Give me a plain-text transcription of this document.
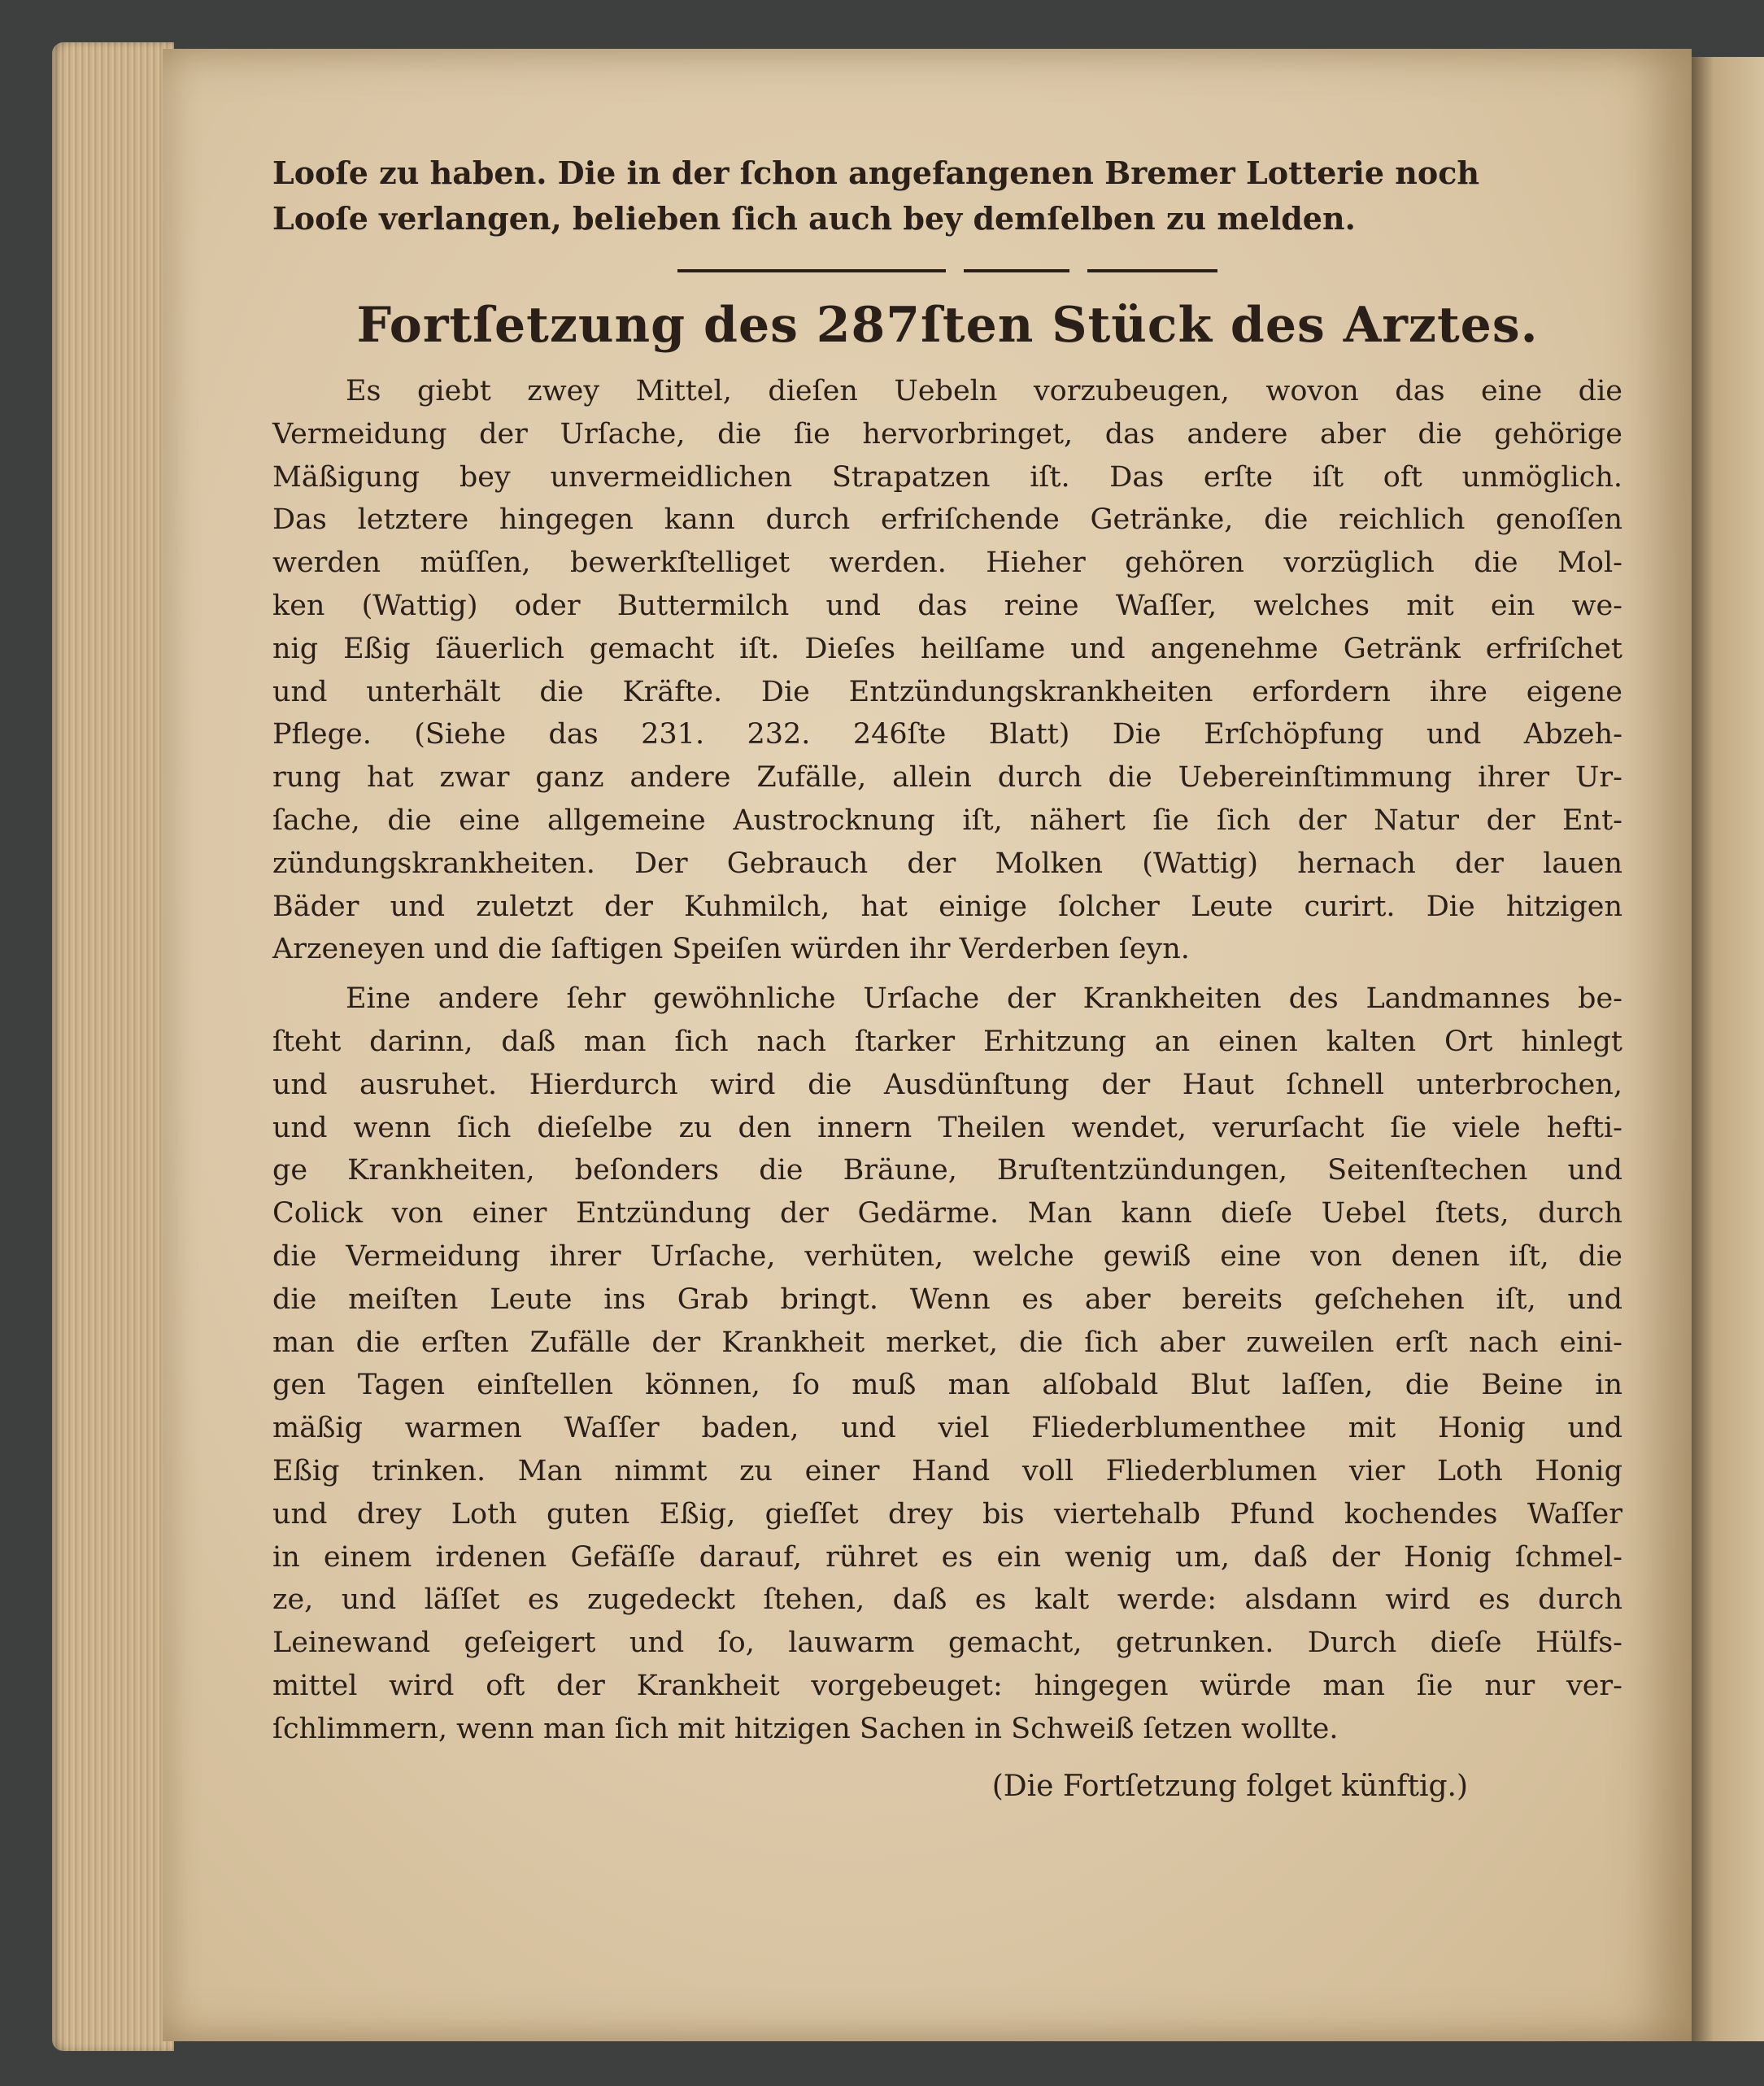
Looſe zu haben. Die in der ſchon angefangenen Bremer Lotterie noch
Looſe verlangen, belieben ſich auch bey demſelben zu melden.
Fortſetzung des 287ſten Stück des Arztes.
Es giebt zwey Mittel, dieſen Uebeln vorzubeugen, wovon das eine die
Vermeidung der Urſache, die ſie hervorbringet, das andere aber die gehörige
Mäßigung bey unvermeidlichen Strapatzen iſt. Das erſte iſt oft unmöglich.
Das letztere hingegen kann durch erfriſchende Getränke, die reichlich genoſſen
werden müſſen, bewerkſtelliget werden. Hieher gehören vorzüglich die Mol-
ken (Wattig) oder Buttermilch und das reine Waſſer, welches mit ein we-
nig Eßig ſäuerlich gemacht iſt. Dieſes heilſame und angenehme Getränk erfriſchet
und unterhält die Kräfte. Die Entzündungskrankheiten erfordern ihre eigene
Pflege. (Siehe das 231. 232. 246ſte Blatt) Die Erſchöpfung und Abzeh-
rung hat zwar ganz andere Zufälle, allein durch die Uebereinſtimmung ihrer Ur-
ſache, die eine allgemeine Austrocknung iſt, nähert ſie ſich der Natur der Ent-
zündungskrankheiten. Der Gebrauch der Molken (Wattig) hernach der lauen
Bäder und zuletzt der Kuhmilch, hat einige ſolcher Leute curirt. Die hitzigen
Arzeneyen und die ſaftigen Speiſen würden ihr Verderben ſeyn.
Eine andere ſehr gewöhnliche Urſache der Krankheiten des Landmannes be-
ſteht darinn, daß man ſich nach ſtarker Erhitzung an einen kalten Ort hinlegt
und ausruhet. Hierdurch wird die Ausdünſtung der Haut ſchnell unterbrochen,
und wenn ſich dieſelbe zu den innern Theilen wendet, verurſacht ſie viele hefti-
ge Krankheiten, beſonders die Bräune, Bruſtentzündungen, Seitenſtechen und
Colick von einer Entzündung der Gedärme. Man kann dieſe Uebel ſtets, durch
die Vermeidung ihrer Urſache, verhüten, welche gewiß eine von denen iſt, die
die meiſten Leute ins Grab bringt. Wenn es aber bereits geſchehen iſt, und
man die erſten Zufälle der Krankheit merket, die ſich aber zuweilen erſt nach eini-
gen Tagen einſtellen können, ſo muß man alſobald Blut laſſen, die Beine in
mäßig warmen Waſſer baden, und viel Fliederblumenthee mit Honig und
Eßig trinken. Man nimmt zu einer Hand voll Fliederblumen vier Loth Honig
und drey Loth guten Eßig, gieſſet drey bis viertehalb Pfund kochendes Waſſer
in einem irdenen Gefäſſe darauf, rühret es ein wenig um, daß der Honig ſchmel-
ze, und läſſet es zugedeckt ſtehen, daß es kalt werde: alsdann wird es durch
Leinewand geſeigert und ſo, lauwarm gemacht, getrunken. Durch dieſe Hülfs-
mittel wird oft der Krankheit vorgebeuget: hingegen würde man ſie nur ver-
ſchlimmern, wenn man ſich mit hitzigen Sachen in Schweiß ſetzen wollte.
(Die Fortſetzung folget künftig.)
